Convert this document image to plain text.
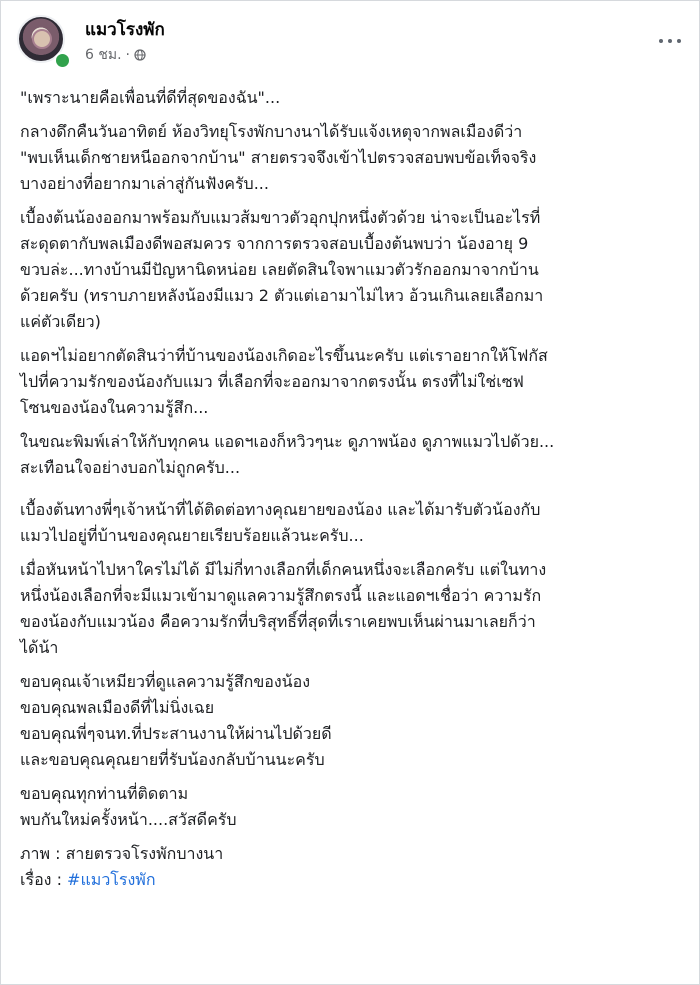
แมวโรงพัก
6 ชม. ·

"เพราะนายคือเพื่อนที่ดีที่สุดของฉัน"...

กลางดึกคืนวันอาทิตย์ ห้องวิทยุโรงพักบางนาได้รับแจ้งเหตุจากพลเมืองดีว่า
"พบเห็นเด็กชายหนีออกจากบ้าน" สายตรวจจึงเข้าไปตรวจสอบพบข้อเท็จจริง
บางอย่างที่อยากมาเล่าสู่กันฟังครับ...

เบื้องต้นน้องออกมาพร้อมกับแมวส้มขาวตัวอุกปุกหนึ่งตัวด้วย น่าจะเป็นอะไรที่
สะดุดตากับพลเมืองดีพอสมควร จากการตรวจสอบเบื้องต้นพบว่า น้องอายุ 9
ขวบล่ะ...ทางบ้านมีปัญหานิดหน่อย เลยตัดสินใจพาแมวตัวรักออกมาจากบ้าน
ด้วยครับ (ทราบภายหลังน้องมีแมว 2 ตัวแต่เอามาไม่ไหว อ้วนเกินเลยเลือกมา
แค่ตัวเดียว)

แอดฯไม่อยากตัดสินว่าที่บ้านของน้องเกิดอะไรขึ้นนะครับ แต่เราอยากให้โฟกัส
ไปที่ความรักของน้องกับแมว ที่เลือกที่จะออกมาจากตรงนั้น ตรงที่ไม่ใช่เซฟ
โซนของน้องในความรู้สึก...

ในขณะพิมพ์เล่าให้กับทุกคน แอดฯเองก็หวิวๆนะ ดูภาพน้อง ดูภาพแมวไปด้วย...
สะเทือนใจอย่างบอกไม่ถูกครับ...

เบื้องต้นทางพี่ๆเจ้าหน้าที่ได้ติดต่อทางคุณยายของน้อง และได้มารับตัวน้องกับ
แมวไปอยู่ที่บ้านของคุณยายเรียบร้อยแล้วนะครับ...

เมื่อหันหน้าไปหาใครไม่ได้ มีไม่กี่ทางเลือกที่เด็กคนหนึ่งจะเลือกครับ แต่ในทาง
หนึ่งน้องเลือกที่จะมีแมวเข้ามาดูแลความรู้สึกตรงนี้ และแอดฯเชื่อว่า ความรัก
ของน้องกับแมวน้อง คือความรักที่บริสุทธิ์ที่สุดที่เราเคยพบเห็นผ่านมาเลยก็ว่า
ได้น้า

ขอบคุณเจ้าเหมียวที่ดูแลความรู้สึกของน้อง
ขอบคุณพลเมืองดีที่ไม่นิ่งเฉย
ขอบคุณพี่ๆจนท.ที่ประสานงานให้ผ่านไปด้วยดี
และขอบคุณคุณยายที่รับน้องกลับบ้านนะครับ

ขอบคุณทุกท่านที่ติดตาม
พบกันใหม่ครั้งหน้า....สวัสดีครับ

ภาพ : สายตรวจโรงพักบางนา

เรื่อง : #แมวโรงพัก
